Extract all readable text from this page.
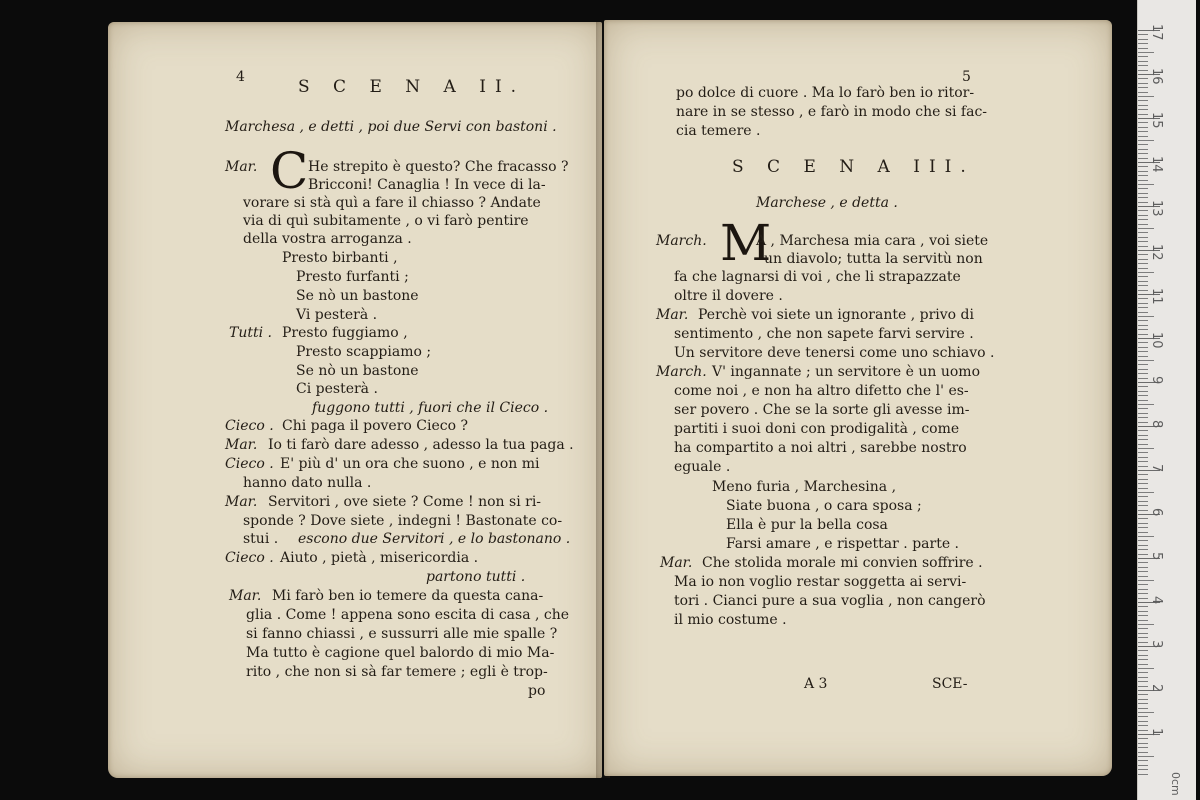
4	S C E N A II.
Marchesa , e detti , poi due Servi con bastoni .
C
Mar.	He strepito è questo? Che fracasso ?
Bricconi! Canaglia ! In vece di la-
vorare si stà quì a fare il chiasso ? Andate
via di quì subitamente , o vi farò pentire
della vostra arroganza .
Presto birbanti ,
Presto furfanti ;
Se nò un bastone
Vi pesterà .
Tutti . Presto fuggiamo ,
Presto scappiamo ;
Se nò un bastone
Ci pesterà .
fuggono tutti , fuori che il Cieco .
Cieco . Chi paga il povero Cieco ?
Mar. Io ti farò dare adesso , adesso la tua paga .
Cieco . E' più d' un ora che suono , e non mi
hanno dato nulla .
Mar. Servitori , ove siete ? Come ! non si ri-
sponde ? Dove siete , indegni ! Bastonate co-
stui . escono due Servitori , e lo bastonano .
Cieco . Aiuto , pietà , misericordia .
partono tutti .
Mar. Mi farò ben io temere da questa cana-
glia . Come ! appena sono escita di casa , che
si fanno chiassi , e sussurri alle mie spalle ?
Ma tutto è cagione quel balordo di mio Ma-
rito , che non si sà far temere ; egli è trop-
po
po dolce di cuore . Ma lo farò ben io ritor-
5
nare in se stesso , e farò in modo che si fac-
cia temere .
S C E N A III.
Marchese , e detta .
March. M
A , Marchesa mia cara , voi siete
un diavolo; tutta la servitù non
fa che lagnarsi di voi , che li strapazzate
oltre il dovere .
Mar. Perchè voi siete un ignorante , privo di
sentimento , che non sapete farvi servire .
Un servitore deve tenersi come uno schiavo .
March. V' ingannate ; un servitore è un uomo
come noi , e non ha altro difetto che l' es-
ser povero . Che se la sorte gli avesse im-
partiti i suoi doni con prodigalità , come
ha compartito a noi altri , sarebbe nostro
eguale .
Meno furia , Marchesina ,
Siate buona , o cara sposa ;
Ella è pur la bella cosa
Farsi amare , e rispettar . parte .
Mar. Che stolida morale mi convien soffrire .
Ma io non voglio restar soggetta ai servi-
tori . Cianci pure a sua voglia , non cangerò
il mio costume .
A 3	SCE-
0cm
17
16
15
14
13
12
11
10
9
8
7
6
5
4
3
2
1
